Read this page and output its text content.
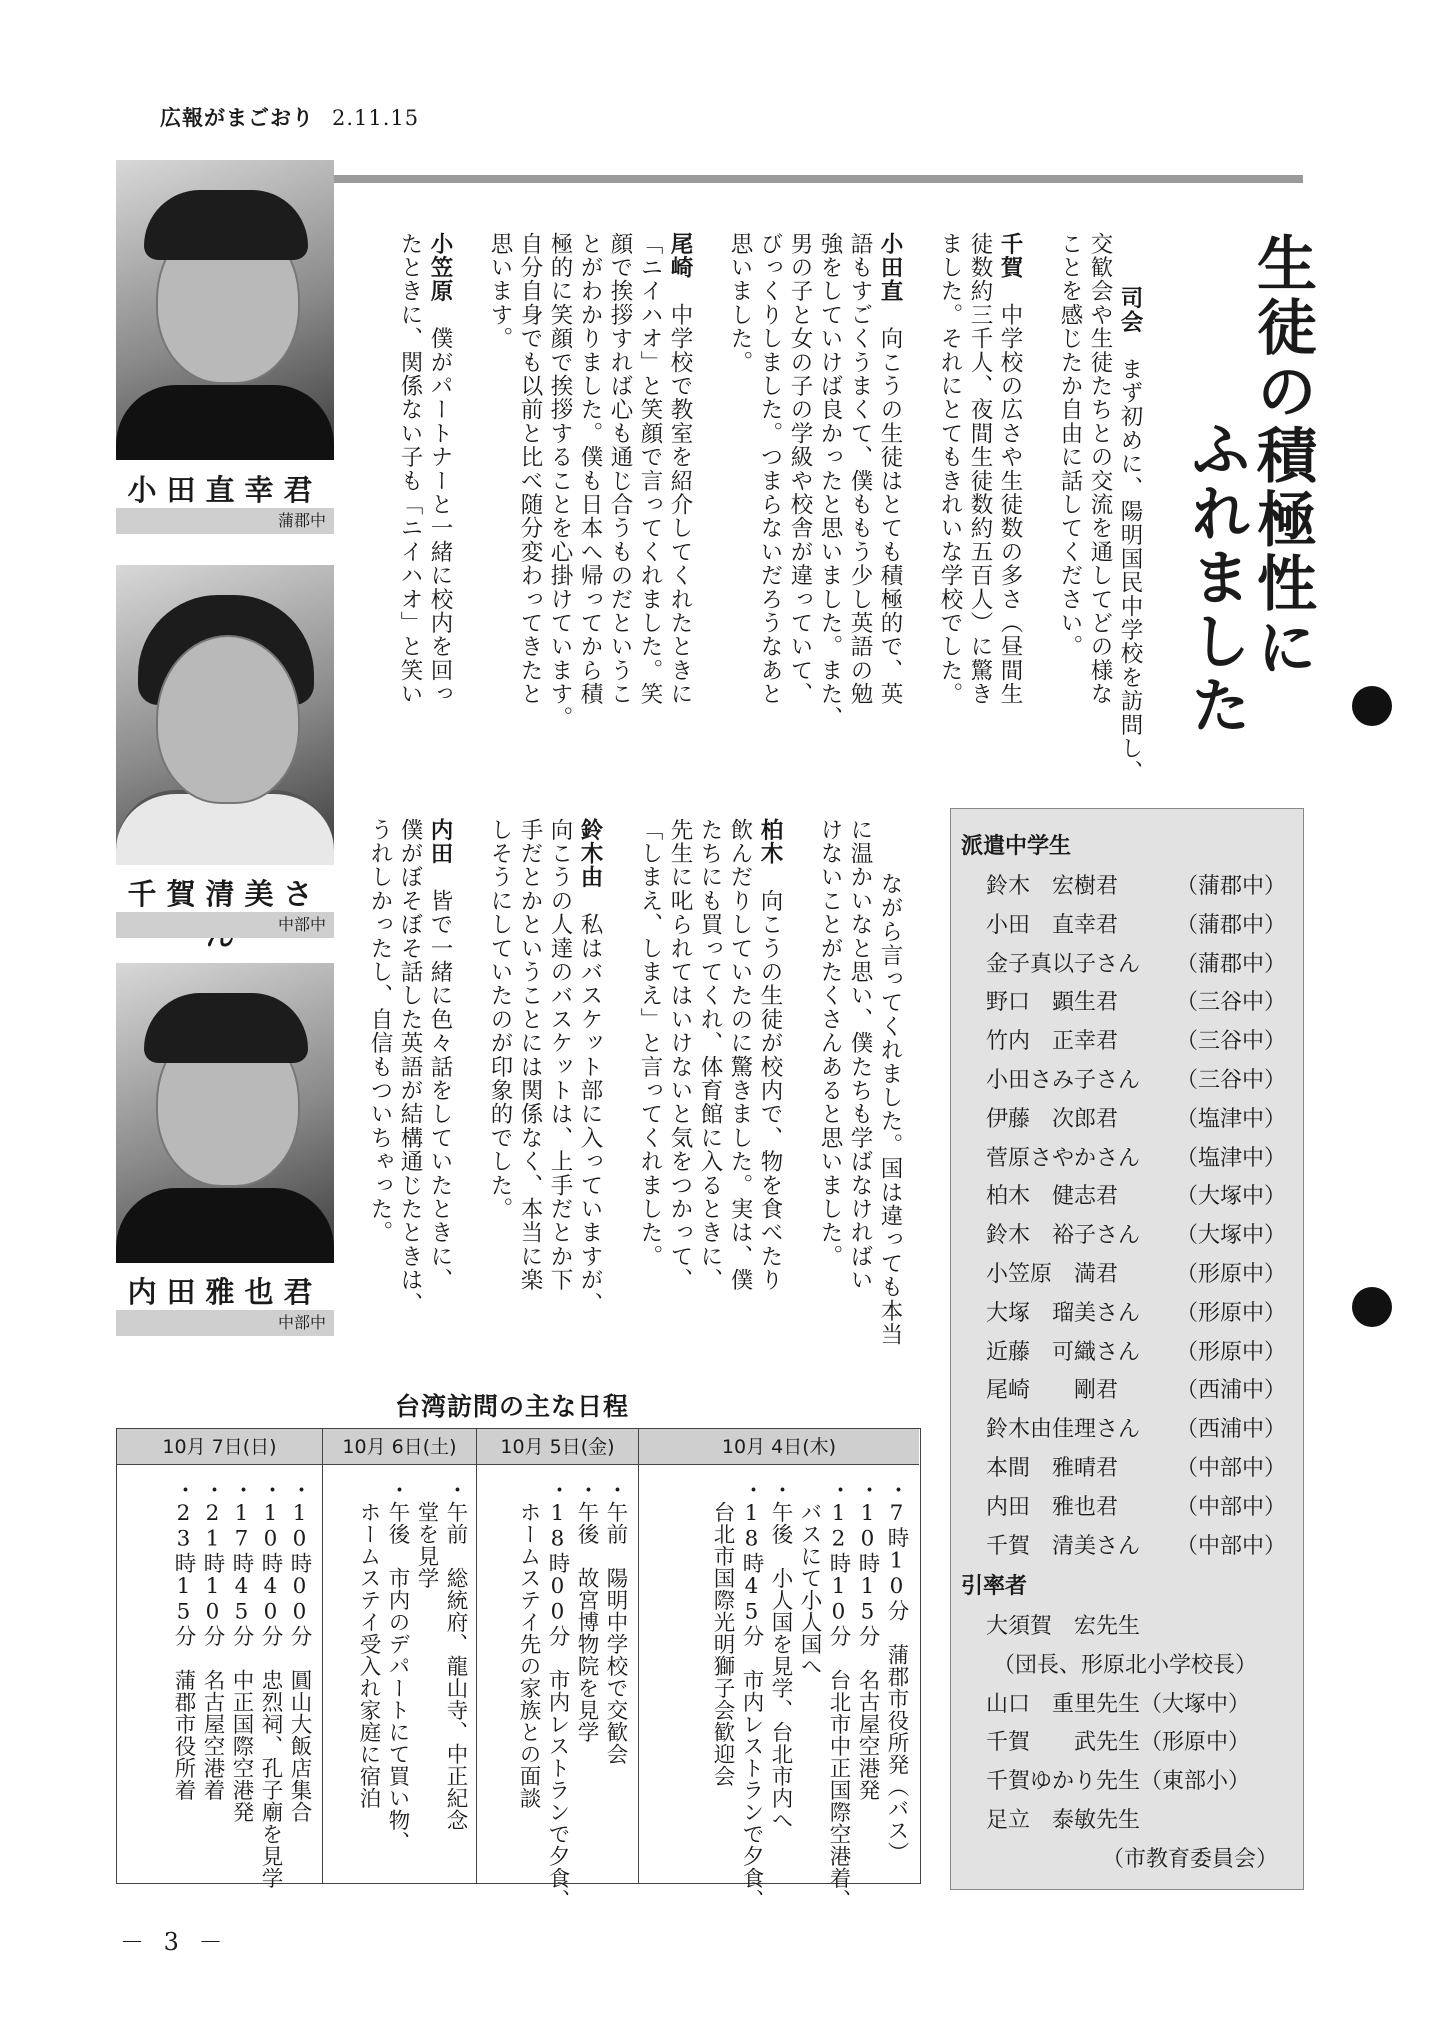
広報がまごおり 2.11.15
小田直幸君
蒲郡中
千賀清美さ
中部中
内田雅也君
中部中
生徒の積極性に
ふれました

司会　まず初めに、陽明国民中学校を訪問し、
交歓会や生徒たちとの交流を通してどの様な
ことを感じたか自由に話してください。

千賀　中学校の広さや生徒数の多さ（昼間生
徒数約三千人、夜間生徒数約五百人）に驚き
ました。それにとてもきれいな学校でした。

小田直　向こうの生徒はとても積極的で、英
語もすごくうまくて、僕ももう少し英語の勉
強をしていけば良かったと思いました。また、
男の子と女の子の学級や校舎が違っていて、
びっくりしました。つまらないだろうなあと
思いました。

尾崎　中学校で教室を紹介してくれたときに
「ニイハオ」と笑顔で言ってくれました。笑
顔で挨拶すれば心も通じ合うものだというこ
とがわかりました。僕も日本へ帰ってから積
極的に笑顔で挨拶することを心掛けています。
自分自身でも以前と比べ随分変わってきたと
思います。

小笠原　僕がパートナーと一緒に校内を回っ
たときに、関係ない子も「ニイハオ」と笑い

ながら言ってくれました。国は違っても本当
に温かいなと思い、僕たちも学ばなければい
けないことがたくさんあると思いました。

柏木　向こうの生徒が校内で、物を食べたり
飲んだりしていたのに驚きました。実は、僕
たちにも買ってくれ、体育館に入るときに、
先生に叱られてはいけないと気をつかって、
「しまえ、しまえ」と言ってくれました。

鈴木由　私はバスケット部に入っていますが、
向こうの人達のバスケットは、上手だとか下
手だとかということには関係なく、本当に楽
しそうにしていたのが印象的でした。

内田　皆で一緒に色々話をしていたときに、
僕がぼそぼそ話した英語が結構通じたときは、
うれしかったし、自信もついちゃった。	派遣中学生
鈴木　宏樹君	（蒲郡中）
小田　直幸君	（蒲郡中）
金子真以子さん （蒲郡中）
野口　顕生君	（三谷中）
竹内　正幸君	（三谷中）
小田さみ子さん （三谷中）
伊藤　次郎君	（塩津中）
菅原さやかさん （塩津中）
柏木　健志君	（大塚中）
鈴木　裕子さん （大塚中）
小笠原　満君	（形原中）
大塚　瑠美さん （形原中）
近藤　可織さん （形原中）
尾崎　　剛君	（西浦中）
鈴木由佳理さん （西浦中）
本間　雅晴君	（中部中）
内田　雅也君	（中部中）
千賀　清美さん （中部中）
引率者
大須賀　宏先生
（団長、形原北小学校長）
山口　重里先生（大塚中）
千賀　　武先生（形原中）
千賀ゆかり先生（東部小）
足立　泰敏先生
　（市教育委員会）
台湾訪問の主な日程
10月 7日(日)	10月 6日(土)	10月 5日(金)	10月 4日(木)
・10時00分　圓山大飯店集合
・10時40分　忠烈祠、孔子廟を見学
・17時45分　中正国際空港発
・21時10分　名古屋空港着
・23時15分　蒲郡市役所着
・午前　総統府、龍山寺、中正紀念
　堂を見学
・午後　市内のデパートにて買い物、
　ホームステイ受入れ家庭に宿泊	・午前　陽明中学校で交歓会
・午後　故宮博物院を見学
・18時00分　市内レストランで夕食、
　ホームステイ先の家族との面談	・7時10分　蒲郡市役所発（バス）
・10時15分　名古屋空港発
・12時10分　台北市中正国際空港着、
　バスにて小人国へ
・午後　小人国を見学、台北市内へ
・18時45分　市内レストランで夕食、
　台北市国際光明獅子会歓迎会
－ 3 －
